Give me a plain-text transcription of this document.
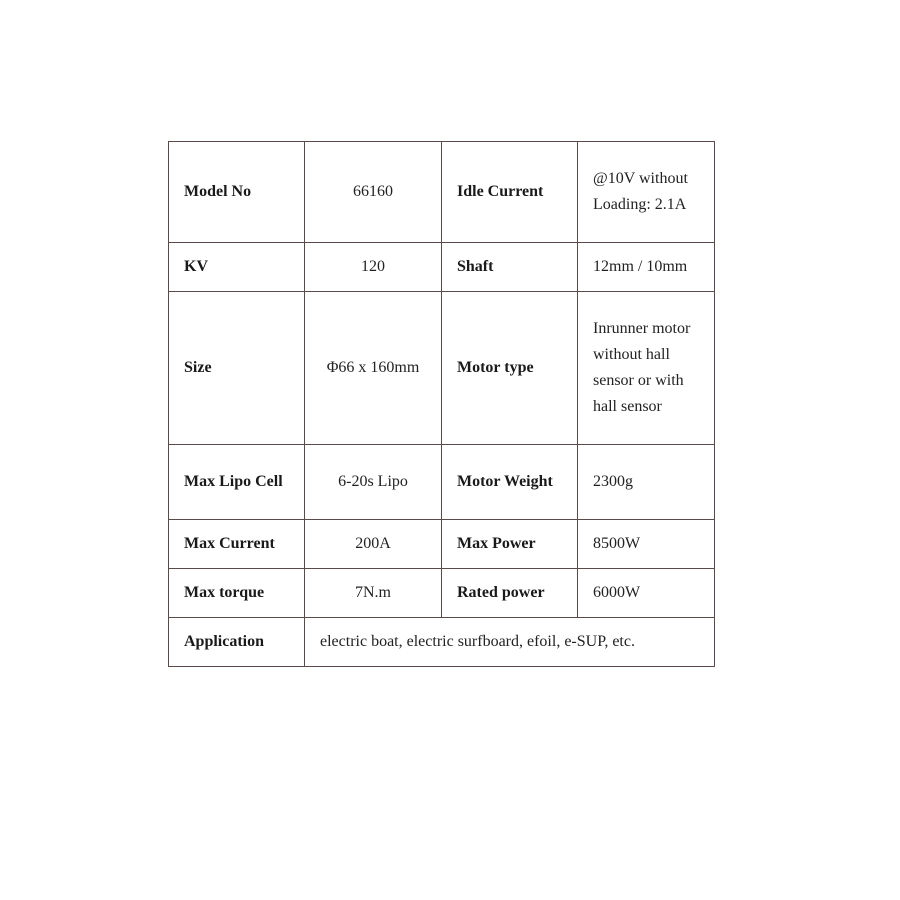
Model No	66160	Idle Current	@10V without Loading: 2.1A
KV	120	Shaft	12mm / 10mm
Size	Φ66 x 160mm	Motor type	Inrunner motor without hall sensor or with hall sensor
Max Lipo Cell	6-20s Lipo	Motor Weight	2300g
Max Current	200A	Max Power	8500W
Max torque	7N.m	Rated power	6000W
Application	electric boat, electric surfboard, efoil, e-SUP, etc.		
